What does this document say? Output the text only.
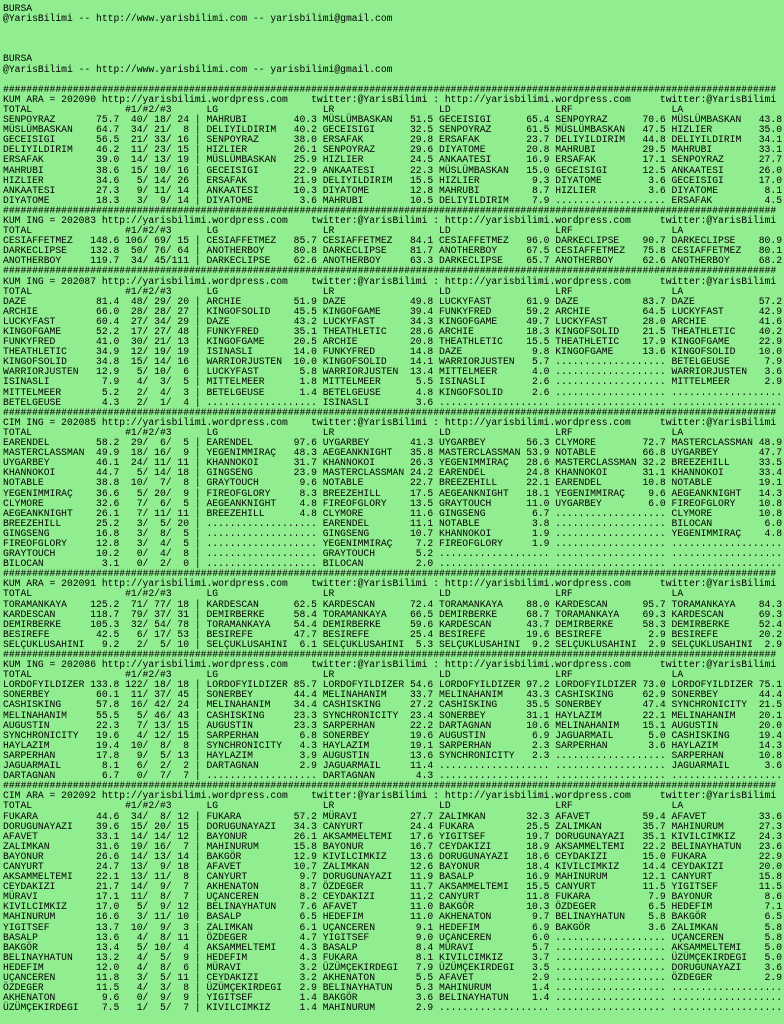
BURSA
@YarisBilimi -- http://www.yarisbilimi.com -- yarisbilimi@gmail.com

BURSA
@YarisBilimi -- http://www.yarisbilimi.com -- yarisbilimi@gmail.com

#####################################################################################################################################
KUM ARA = 202090 http://yarisbilimi.wordpress.com    twitter:@YarisBilimi : http://yarisbilimi.wordpress.com     twitter:@YarisBilimi
TOTAL                #1/#2/#3      LG                  LR                  LD                  LRF                 LA
SENPOYRAZ       75.7  40/ 18/ 24 | MAHRUBI        40.3 MÜSLÜMBASKAN   51.5 GECEISIGI      65.4 SENPOYRAZ      70.6 MÜSLÜMBASKAN   43.8
MÜSLÜMBASKAN    64.7  34/ 21/  8 | DELIYILDIRIM   40.2 GECEISIGI      32.5 SENPOYRAZ      61.5 MÜSLÜMBASKAN   47.5 HIZLIER        35.0
GECEISIGI       56.5  21/ 33/ 16 | SENPOYRAZ      38.0 ERSAFAK        29.8 ERSAFAK        23.7 DELIYILDIRIM   44.8 DELIYILDIRIM   34.1
DELIYILDIRIM    46.2  11/ 23/ 15 | HIZLIER        26.1 SENPOYRAZ      29.6 DIYATOME       20.8 MAHRUBI        29.5 MAHRUBI        33.1
ERSAFAK         39.0  14/ 13/ 19 | MÜSLÜMBASKAN   25.9 HIZLIER        24.5 ANKAATESI      16.9 ERSAFAK        17.1 SENPOYRAZ      27.7
MAHRUBI         38.6  15/ 10/ 16 | GECEISIGI      22.9 ANKAATESI      22.3 MÜSLÜMBASKAN   15.0 GECEISIGI      12.5 ANKAATESI      26.0
HIZLIER         34.6   5/ 14/ 26 | ERSAFAK        21.9 DELIYILDIRIM   15.5 HIZLIER         9.3 DIYATOME        3.6 GECEISIGI      17.0
ANKAATESI       27.3   9/ 11/ 14 | ANKAATESI      10.3 DIYATOME       12.8 MAHRUBI         8.7 HIZLIER         3.6 DIYATOME        8.1
DIYATOME        18.3   3/  9/ 14 | DIYATOME        3.6 MAHRUBI        10.5 DELIYILDIRIM    7.9 ................... ERSAFAK         4.5
#####################################################################################################################################
KUM ING = 202083 http://yarisbilimi.wordpress.com    twitter:@YarisBilimi : http://yarisbilimi.wordpress.com     twitter:@YarisBilimi
TOTAL                #1/#2/#3      LG                  LR                  LD                  LRF                 LA
CESIAFFETMEZ   148.6 106/ 69/ 15 | CESIAFFETMEZ   85.7 CESIAFFETMEZ   84.1 CESIAFFETMEZ   96.0 DARKECLIPSE    90.7 DARKECLIPSE    80.9
DARKECLIPSE    132.8  50/ 76/ 64 | ANOTHERBOY     80.8 DARKECLIPSE    81.7 ANOTHERBOY     67.5 CESIAFFETMEZ   75.8 CESIAFFETMEZ   80.1
ANOTHERBOY     119.7  34/ 45/111 | DARKECLIPSE    62.6 ANOTHERBOY     63.3 DARKECLIPSE    65.7 ANOTHERBOY     62.6 ANOTHERBOY     68.2
#####################################################################################################################################
KUM ING = 202087 http://yarisbilimi.wordpress.com    twitter:@YarisBilimi : http://yarisbilimi.wordpress.com     twitter:@YarisBilimi
TOTAL                #1/#2/#3      LG                  LR                  LD                  LRF                 LA
DAZE            81.4  48/ 29/ 20 | ARCHIE         51.9 DAZE           49.8 LUCKYFAST      61.9 DAZE           83.7 DAZE           57.2
ARCHIE          66.0  28/ 28/ 27 | KINGOFSOLID    45.5 KINGOFGAME     39.4 FUNKYFRED      59.2 ARCHIE         64.5 LUCKYFAST      42.9
LUCKYFAST       60.4  27/ 34/ 29 | DAZE           43.2 LUCKYFAST      34.3 KINGOFGAME     49.7 LUCKYFAST      28.0 ARCHIE         41.6
KINGOFGAME      52.2  17/ 27/ 48 | FUNKYFRED      35.1 THEATHLETIC    28.6 ARCHIE         18.3 KINGOFSOLID    21.5 THEATHLETIC    40.2
FUNKYFRED       41.0  30/ 21/ 13 | KINGOFGAME     20.5 ARCHIE         20.8 THEATHLETIC    15.5 THEATHLETIC    17.9 KINGOFGAME     22.9
THEATHLETIC     34.9  12/ 19/ 19 | ISINASLI       14.0 FUNKYFRED      14.8 DAZE            9.8 KINGOFGAME     13.6 KINGOFSOLID    10.0
KINGOFSOLID     34.8  15/ 14/ 16 | WARRIORJUSTEN  10.0 KINGOFSOLID    14.1 WARRIORJUSTEN   5.7 ................... BETELGEUSE      7.9
WARRIORJUSTEN   12.9   5/ 10/  6 | LUCKYFAST       5.8 WARRIORJUSTEN  13.4 MITTELMEER      4.0 ................... WARRIORJUSTEN   3.6
ISINASLI         7.9   4/  3/  5 | MITTELMEER      1.8 MITTELMEER      5.5 ISINASLI        2.6 ................... MITTELMEER      2.9
MITTELMEER       5.2   2/  4/  3 | BETELGEUSE      1.4 BETELGEUSE      4.8 KINGOFSOLID     2.6 ................... ...................
BETELGEUSE       4.3   2/  1/  4 | ................... ISINASLI        3.6 ................... ................... ...................
#####################################################################################################################################
CIM ING = 202085 http://yarisbilimi.wordpress.com    twitter:@YarisBilimi : http://yarisbilimi.wordpress.com     twitter:@YarisBilimi
TOTAL                #1/#2/#3      LG                  LR                  LD                  LRF                 LA
EARENDEL        58.2  29/  6/  5 | EARENDEL       97.6 UYGARBEY       41.3 UYGARBEY       56.3 CLYMORE        72.7 MASTERCLASSMAN 48.9
MASTERCLASSMAN  49.9  18/ 16/  9 | YEGENIMMIRAÇ   48.3 AEGEANKNIGHT   35.8 MASTERCLASSMAN 53.9 NOTABLE        66.8 UYGARBEY       47.7
UYGARBEY        46.1  24/ 11/ 11 | KHANNOKOI      31.7 KHANNOKOI      26.3 YEGENIMMIRAÇ   28.6 MASTERCLASSMAN 32.2 BREEZEHILL     33.5
KHANNOKOI       44.7   5/ 14/ 18 | GINGSENG       23.9 MASTERCLASSMAN 24.2 EARENDEL       24.8 KHANNOKOI      31.1 KHANNOKOI      33.4
NOTABLE         38.8  10/  7/  8 | GRAYTOUCH       9.6 NOTABLE        22.7 BREEZEHILL     22.1 EARENDEL       10.8 NOTABLE        19.1
YEGENIMMIRAÇ    36.6   5/ 20/  9 | FIREOFGLORY     8.3 BREEZEHILL     17.5 AEGEANKNIGHT   18.1 YEGENIMMIRAÇ    9.6 AEGEANKNIGHT   14.3
CLYMORE         32.6   7/  6/  5 | AEGEANKNIGHT    4.8 FIREOFGLORY    13.5 GRAYTOUCH      11.0 UYGARBEY        6.0 FIREOFGLORY    10.8
AEGEANKNIGHT    26.1   7/ 11/ 11 | BREEZEHILL      4.8 CLYMORE        11.6 GINGSENG        6.7 ................... CLYMORE        10.8
BREEZEHILL      25.2   3/  5/ 20 | ................... EARENDEL       11.1 NOTABLE         3.8 ................... BILOCAN         6.0
GINGSENG        16.8   3/  8/  5 | ................... GINGSENG       10.7 KHANNOKOI       1.9 ................... YEGENIMMIRAÇ    4.8
FIREOFGLORY     12.8   3/  4/  5 | ................... YEGENIMMIRAÇ    7.2 FIREOFGLORY     1.9 ................... ...................
GRAYTOUCH       10.2   0/  4/  8 | ................... GRAYTOUCH       5.2 ................... ................... ...................
BILOCAN          3.1   0/  2/  0 | ................... BILOCAN         2.0 ................... ................... ...................
#####################################################################################################################################
KUM ARA = 202091 http://yarisbilimi.wordpress.com    twitter:@YarisBilimi : http://yarisbilimi.wordpress.com     twitter:@YarisBilimi
TOTAL                #1/#2/#3      LG                  LR                  LD                  LRF                 LA
TORAMANKAYA    125.2  71/ 77/ 18 | KARDESCAN      62.5 KARDESCAN      72.4 TORAMANKAYA    88.0 KARDESCAN      95.7 TORAMANKAYA    84.3
KARDESCAN      118.7  79/ 37/ 31 | DEMIRBERKE     58.4 TORAMANKAYA    66.5 DEMIRBERKE     68.7 TORAMANKAYA    69.3 KARDESCAN      69.3
DEMIRBERKE     105.3  32/ 54/ 78 | TORAMANKAYA    54.4 DEMIRBERKE     59.6 KARDESCAN      43.7 DEMIRBERKE     58.3 DEMIRBERKE     52.4
BESIREFE        42.5   6/ 17/ 53 | BESIREFE       47.7 BESIREFE       25.4 BESIREFE       19.6 BESIREFE        2.9 BESIREFE       20.2
SELÇUKLUSAHINI   9.2   2/  5/ 10 | SELÇUKLUSAHINI  6.1 SELÇUKLUSAHINI  5.3 SELÇUKLUSAHINI  9.2 SELÇUKLUSAHINI  2.9 SELÇUKLUSAHINI  2.9
#####################################################################################################################################
KUM ING = 202086 http://yarisbilimi.wordpress.com    twitter:@YarisBilimi : http://yarisbilimi.wordpress.com     twitter:@YarisBilimi
TOTAL                #1/#2/#3      LG                  LR                  LD                  LRF                 LA
LORDOFYILDIZER 133.8 122/ 18/ 18 | LORDOFYILDIZER 85.7 LORDOFYILDIZER 54.6 LORDOFYILDIZER 97.2 LORDOFYILDIZER 73.0 LORDOFYILDIZER 75.1
SONERBEY        60.1  11/ 37/ 45 | SONERBEY       44.4 MELINAHANIM    33.7 MELINAHANIM    43.3 CASHISKING     62.9 SONERBEY       44.4
CASHISKING      57.8  16/ 42/ 24 | MELINAHANIM    34.4 CASHISKING     27.2 CASHISKING     35.5 SONERBEY       47.4 SYNCHRONICITY  21.5
MELINAHANIM     55.5   5/ 46/ 43 | CASHISKING     23.3 SYNCHRONICITY  23.4 SONERBEY       31.1 HAYLAZIM       22.1 MELINAHANIM    20.1
AUGUSTIN        22.3   7/ 13/ 15 | AUGUSTIN       23.3 SARPERHAN      22.2 DARTAGNAN      10.6 MELINAHANIM    15.1 AUGUSTIN       20.0
SYNCHRONICITY   19.6   4/ 12/ 15 | SARPERHAN       6.8 SONERBEY       19.6 AUGUSTIN        6.9 JAGUARMAIL      5.0 CASHISKING     19.4
HAYLAZIM        19.4  10/  8/  8 | SYNCHRONICITY   4.3 HAYLAZIM       19.1 SARPERHAN       2.3 SARPERHAN       3.6 HAYLAZIM       14.3
SARPERHAN       17.8   9/  5/ 13 | HAYLAZIM        3.9 AUGUSTIN       13.6 SYNCHRONICITY   2.3 ................... SARPERHAN      10.8
JAGUARMAIL       8.1   6/  2/  2 | DARTAGNAN       2.9 JAGUARMAIL     11.4 ................... ................... JAGUARMAIL      3.6
DARTAGNAN        6.7   0/  7/  7 | ................... DARTAGNAN       4.3 ................... ................... ...................
#####################################################################################################################################
CIM ARA = 202092 http://yarisbilimi.wordpress.com    twitter:@YarisBilimi : http://yarisbilimi.wordpress.com     twitter:@YarisBilimi
TOTAL                #1/#2/#3      LG                  LR                  LD                  LRF                 LA
FUKARA          44.6  34/  8/ 12 | FUKARA         57.2 MÜRAVI         27.7 ZALIMKAN       32.3 AFAVET         59.4 AFAVET         33.6
DORUGUNAYAZI    39.6  15/ 20/ 15 | DORUGUNAYAZI   34.3 CANYURT        24.4 FUKARA         25.5 ZALIMKAN       35.7 MAHINURUM      27.3
AFAVET          33.1  14/ 14/ 12 | BAYONUR        26.1 AKSAMMELTEMI   17.6 YIGITSEF       19.7 DORUGUNAYAZI   35.1 KIVILCIMKIZ    24.3
ZALIMKAN        31.6  19/ 16/  7 | MAHINURUM      15.8 BAYONUR        16.7 CEYDAKIZI      18.9 AKSAMMELTEMI   22.2 BELINAYHATUN   23.6
BAYONUR         26.6  14/ 13/ 14 | BAKGÖR         12.9 KIVILCIMKIZ    13.6 DORUGUNAYAZI   18.6 CEYDAKIZI      15.0 FUKARA         22.9
CANYURT         24.7  13/  9/ 18 | AFAVET         10.7 ZALIMKAN       12.6 BAYONUR        18.4 KIVILCIMKIZ    14.4 CEYDAKIZI      20.0
AKSAMMELTEMI    22.1  13/ 11/  8 | CANYURT         9.7 DORUGUNAYAZI   11.9 BASALP         16.9 MAHINURUM      12.1 CANYURT        15.8
CEYDAKIZI       21.7  14/  9/  7 | AKHENATON       8.7 ÖZDEGER        11.7 AKSAMMELTEMI   15.5 CANYURT        11.5 YIGITSEF       11.5
MÜRAVI          17.1  11/  8/  7 | UÇANCEREN       8.2 CEYDAKIZI      11.2 CANYURT        11.8 FUKARA          7.9 BAYONUR         8.6
KIVILCIMKIZ     17.0   5/  9/ 12 | BELINAYHATUN    7.6 AFAVET         11.0 BAKGÖR         10.3 ÖZDEGER         6.5 HEDEFIM         7.1
MAHINURUM       16.6   3/ 11/ 10 | BASALP          6.5 HEDEFIM        11.0 AKHENATON       9.7 BELINAYHATUN    5.8 BAKGÖR          6.5
YIGITSEF        13.7  10/  9/  3 | ZALIMKAN        6.1 UÇANCEREN       9.1 HEDEFIM         6.9 BAKGÖR          3.6 ZALIMKAN        5.8
BASALP          13.6   4/  8/ 11 | ÖZDEGER         4.7 YIGITSEF        9.0 UÇANCEREN       6.0 ................... UÇANCEREN       5.8
BAKGÖR          13.4   5/ 10/  4 | AKSAMMELTEMI    4.3 BASALP          8.4 MÜRAVI          5.7 ................... AKSAMMELTEMI    5.0
BELINAYHATUN    13.2   4/  5/  9 | HEDEFIM         4.3 FUKARA          8.1 KIVILCIMKIZ     3.7 ................... ÜZÜMÇEKIRDEGI   5.0
HEDEFIM         12.0   4/  8/  6 | MÜRAVI          3.2 ÜZÜMÇEKIRDEGI   7.9 ÜZÜMÇEKIRDEGI   3.5 ................... DORUGUNAYAZI    3.6
UÇANCEREN       11.8   3/  5/ 11 | CEYDAKIZI       3.2 AKHENATON       5.5 AFAVET          2.9 ................... ÖZDEGER         2.9
ÖZDEGER         11.5   4/  3/  8 | ÜZÜMÇEKIRDEGI   2.9 BELINAYHATUN    5.3 MAHINURUM       1.4 ................... ...................
AKHENATON        9.6   0/  9/  9 | YIGITSEF        1.4 BAKGÖR          3.6 BELINAYHATUN    1.4 ................... ...................
ÜZÜMÇEKIRDEGI    7.5   1/  5/  7 | KIVILCIMKIZ     1.4 MAHINURUM       2.9 ................... ................... ...................
